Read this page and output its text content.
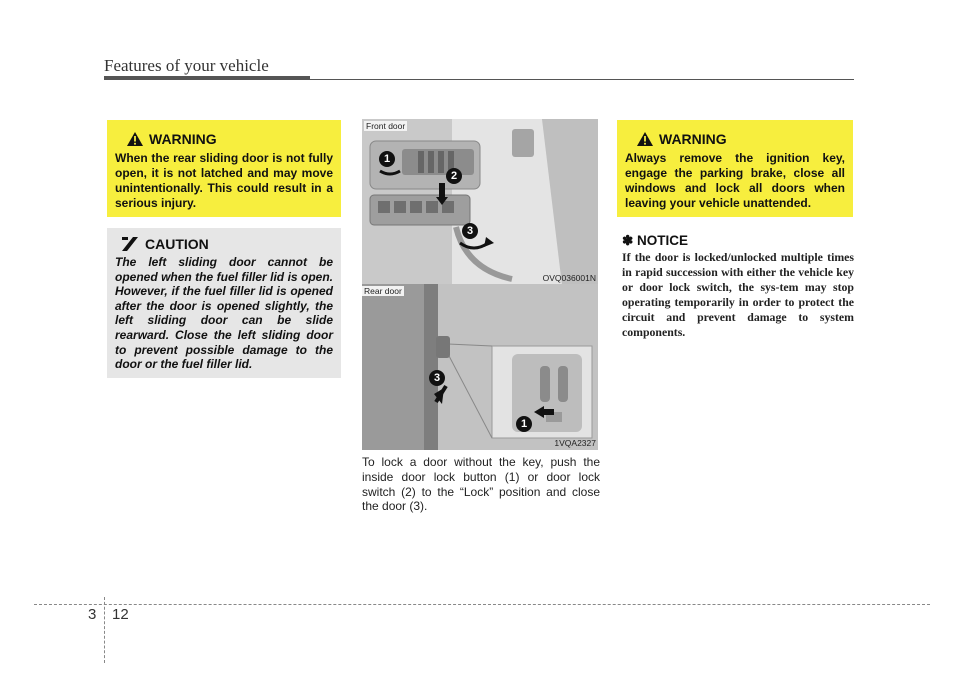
Features of your vehicle
WARNING
When the rear sliding door is not fully open, it is not latched and may move unintentionally. This could result in a serious injury.
CAUTION
The left sliding door cannot be opened when the fuel filler lid is open. However, if the fuel filler lid is opened after the door is opened slightly, the left sliding door can be slide rearward. Close the left sliding door to prevent possible damage to the door or the fuel filler lid.
Front door
1
2
3
OVQ036001N
Rear door
3
1
1VQA2327
To lock a door without the key, push the inside door lock button (1) or door lock switch (2) to the “Lock” position and close the door (3).
WARNING
Always remove the ignition key, engage the parking brake, close all windows and lock all doors when leaving your vehicle unattended.
✽ NOTICE
If the door is locked/unlocked multiple times in rapid succession with either the vehicle key or door lock switch, the sys-tem may stop operating temporarily in order to protect the circuit and prevent damage to system components.
3 12
